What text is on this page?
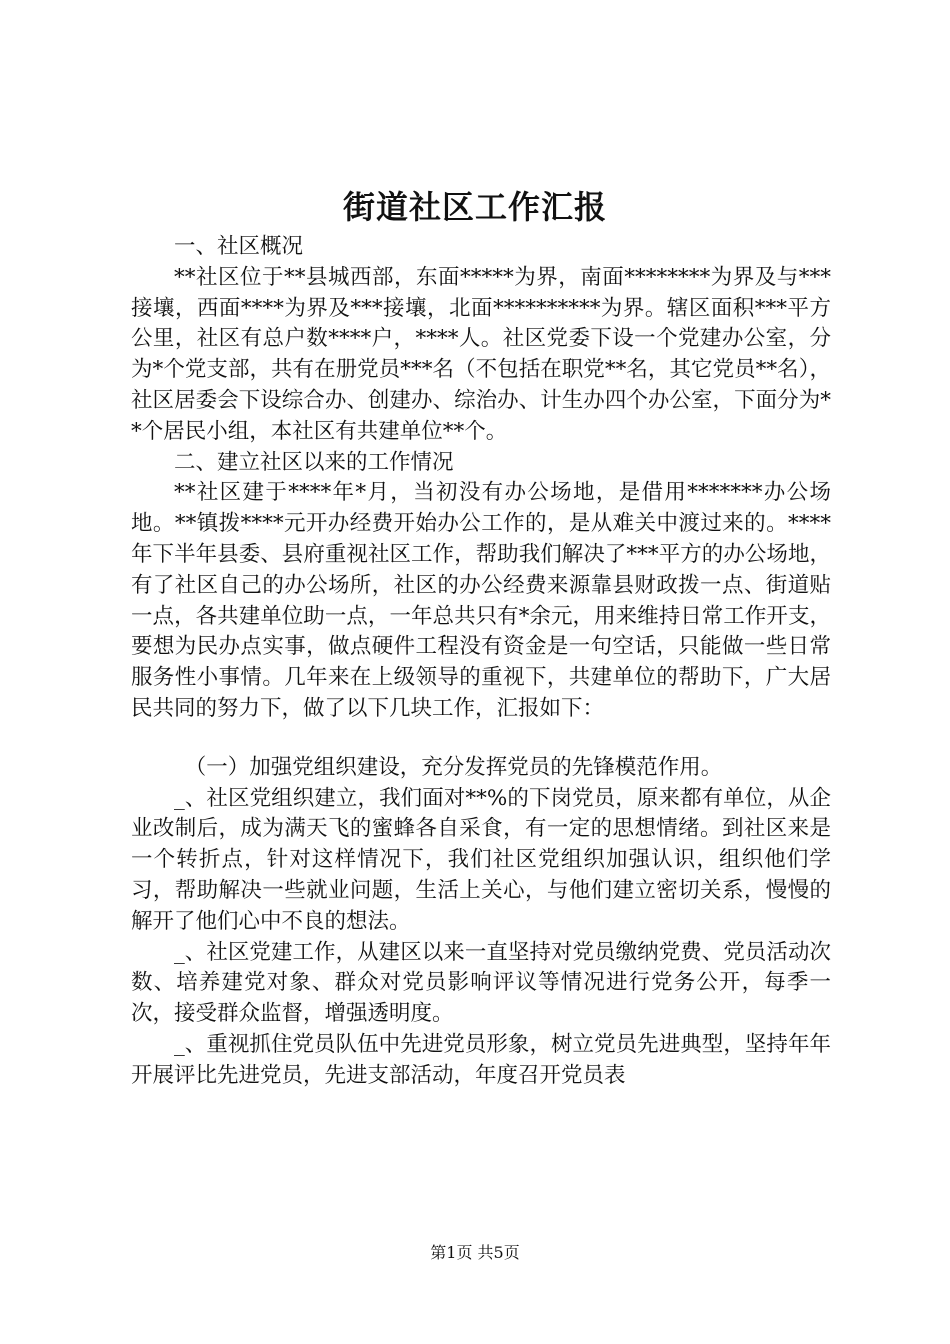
街道社区工作汇报

一、社区概况

**社区位于**县城西部，东面*****为界，南面********为界及与***接壤，西面****为界及***接壤，北面**********为界。辖区面积***平方公里，社区有总户数****户，****人。社区党委下设一个党建办公室，分为*个党支部，共有在册党员***名（不包括在职党**名，其它党员**名），社区居委会下设综合办、创建办、综治办、计生办四个办公室，下面分为**个居民小组，本社区有共建单位**个。

二、建立社区以来的工作情况

**社区建于****年*月，当初没有办公场地，是借用*******办公场地。**镇拨****元开办经费开始办公工作的，是从难关中渡过来的。****年下半年县委、县府重视社区工作，帮助我们解决了***平方的办公场地，有了社区自己的办公场所，社区的办公经费来源靠县财政拨一点、街道贴一点，各共建单位助一点，一年总共只有*余元，用来维持日常工作开支，要想为民办点实事，做点硬件工程没有资金是一句空话，只能做一些日常服务性小事情。几年来在上级领导的重视下，共建单位的帮助下，广大居民共同的努力下，做了以下几块工作，汇报如下：

（一）加强党组织建设，充分发挥党员的先锋模范作用。

_、社区党组织建立，我们面对**%的下岗党员，原来都有单位，从企业改制后，成为满天飞的蜜蜂各自采食，有一定的思想情绪。到社区来是一个转折点，针对这样情况下，我们社区党组织加强认识，组织他们学习，帮助解决一些就业问题，生活上关心，与他们建立密切关系，慢慢的解开了他们心中不良的想法。

_、社区党建工作，从建区以来一直坚持对党员缴纳党费、党员活动次数、培养建党对象、群众对党员影响评议等情况进行党务公开，每季一次，接受群众监督，增强透明度。

_、重视抓住党员队伍中先进党员形象，树立党员先进典型，坚持年年开展评比先进党员，先进支部活动，年度召开党员表

第1页 共5页
